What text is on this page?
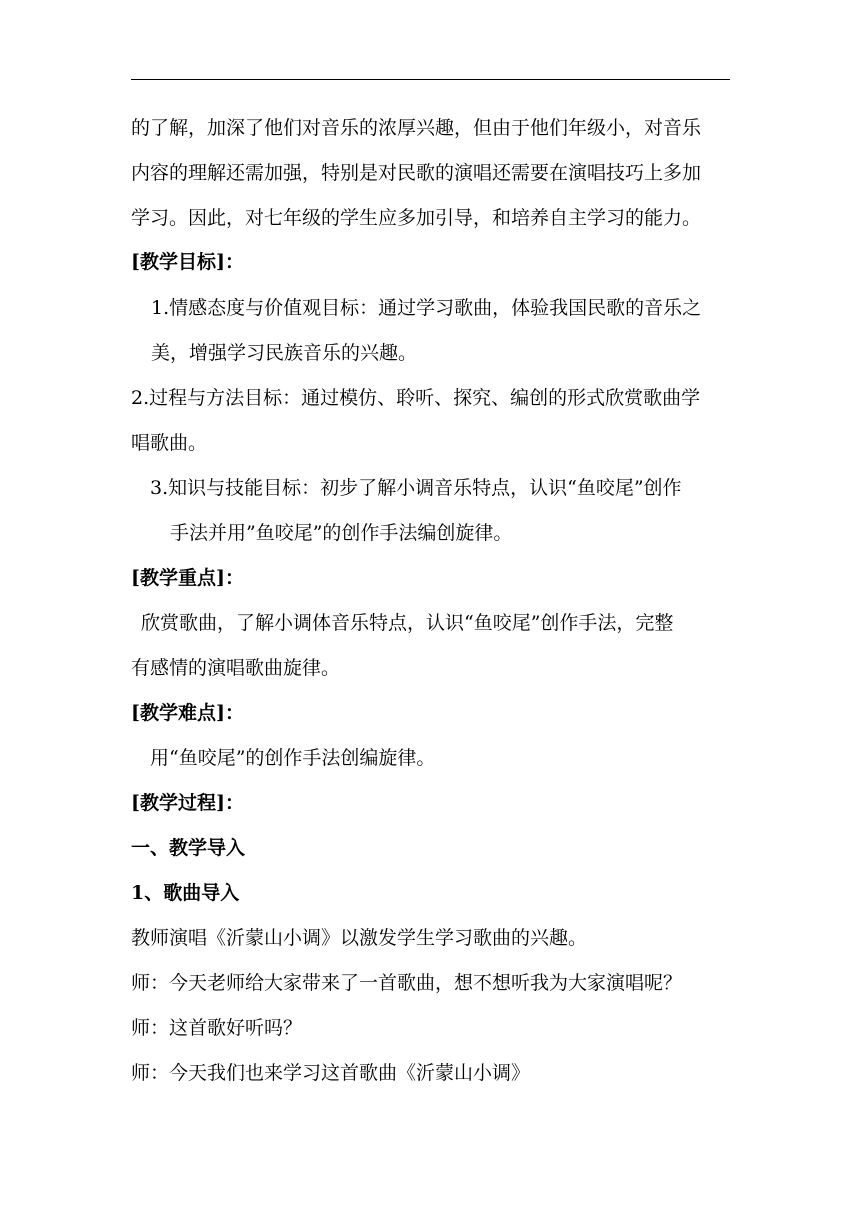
的了解，加深了他们对音乐的浓厚兴趣，但由于他们年级小，对音乐
内容的理解还需加强，特别是对民歌的演唱还需要在演唱技巧上多加
学习。因此，对七年级的学生应多加引导，和培养自主学习的能力。
[教学目标]：
1.情感态度与价值观目标：通过学习歌曲，体验我国民歌的音乐之
美，增强学习民族音乐的兴趣。
2.过程与方法目标：通过模仿、聆听、探究、编创的形式欣赏歌曲学
唱歌曲。
3.知识与技能目标：初步了解小调音乐特点，认识“鱼咬尾”创作
手法并用”鱼咬尾”的创作手法编创旋律。
[教学重点]：
欣赏歌曲，了解小调体音乐特点，认识“鱼咬尾”创作手法，完整
有感情的演唱歌曲旋律。
[教学难点]：
用“鱼咬尾”的创作手法创编旋律。
[教学过程]：
一、教学导入
1、歌曲导入
教师演唱《沂蒙山小调》以激发学生学习歌曲的兴趣。
师：今天老师给大家带来了一首歌曲，想不想听我为大家演唱呢？
师：这首歌好听吗？
师：今天我们也来学习这首歌曲《沂蒙山小调》
